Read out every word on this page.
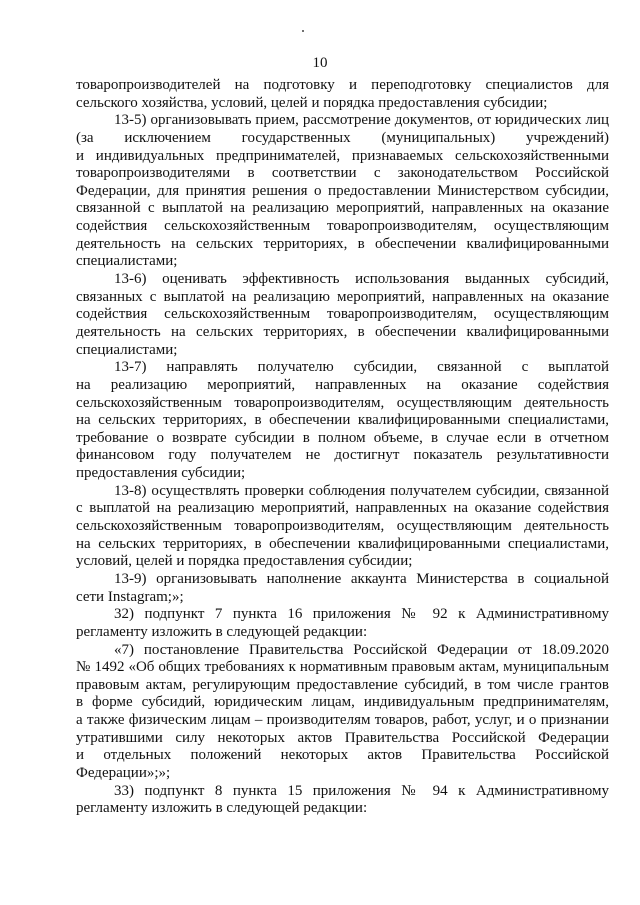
10
товаропроизводителей на подготовку и переподготовку специалистов для
сельского хозяйства, условий, целей и порядка предоставления субсидии;
13-5) организовывать прием, рассмотрение документов, от юридических лиц
(за исключением государственных (муниципальных) учреждений)
и индивидуальных предпринимателей, признаваемых сельскохозяйственными
товаропроизводителями в соответствии с законодательством Российской
Федерации, для принятия решения о предоставлении Министерством субсидии,
связанной с выплатой на реализацию мероприятий, направленных на оказание
содействия сельскохозяйственным товаропроизводителям, осуществляющим
деятельность на сельских территориях, в обеспечении квалифицированными
специалистами;
13-6) оценивать эффективность использования выданных субсидий,
связанных с выплатой на реализацию мероприятий, направленных на оказание
содействия сельскохозяйственным товаропроизводителям, осуществляющим
деятельность на сельских территориях, в обеспечении квалифицированными
специалистами;
13-7) направлять получателю субсидии, связанной с выплатой
на реализацию мероприятий, направленных на оказание содействия
сельскохозяйственным товаропроизводителям, осуществляющим деятельность
на сельских территориях, в обеспечении квалифицированными специалистами,
требование о возврате субсидии в полном объеме, в случае если в отчетном
финансовом году получателем не достигнут показатель результативности
предоставления субсидии;
13-8) осуществлять проверки соблюдения получателем субсидии, связанной
с выплатой на реализацию мероприятий, направленных на оказание содействия
сельскохозяйственным товаропроизводителям, осуществляющим деятельность
на сельских территориях, в обеспечении квалифицированными специалистами,
условий, целей и порядка предоставления субсидии;
13-9) организовывать наполнение аккаунта Министерства в социальной
сети Instagram;»;
32) подпункт 7 пункта 16 приложения № 92 к Административному
регламенту изложить в следующей редакции:
«7) постановление Правительства Российской Федерации от 18.09.2020
№ 1492 «Об общих требованиях к нормативным правовым актам, муниципальным
правовым актам, регулирующим предоставление субсидий, в том числе грантов
в форме субсидий, юридическим лицам, индивидуальным предпринимателям,
а также физическим лицам – производителям товаров, работ, услуг, и о признании
утратившими силу некоторых актов Правительства Российской Федерации
и отдельных положений некоторых актов Правительства Российской
Федерации»;»;
33) подпункт 8 пункта 15 приложения № 94 к Административному
регламенту изложить в следующей редакции:
